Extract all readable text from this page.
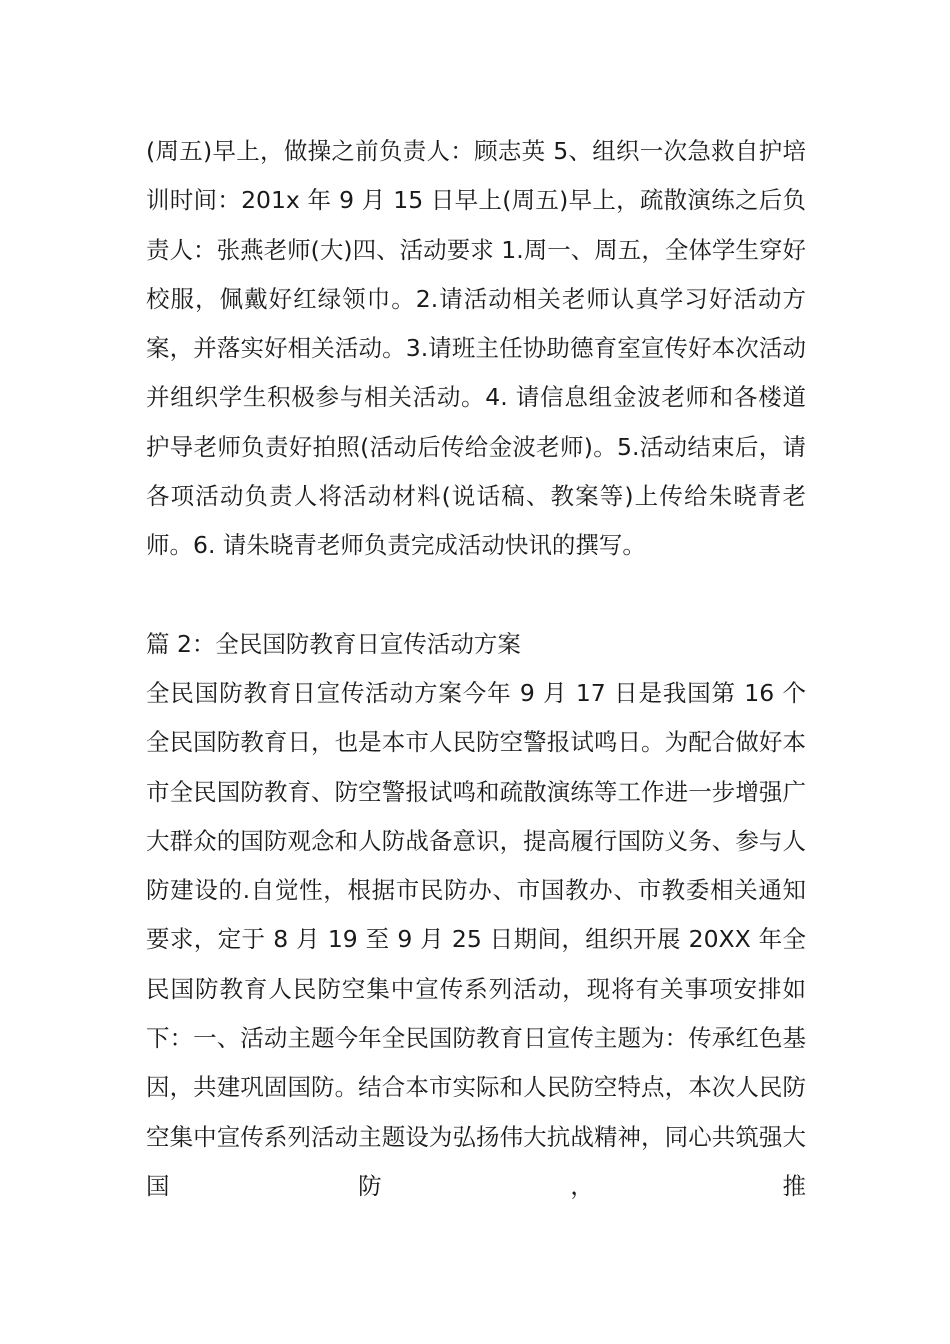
(周五)早上，做操之前负责人：顾志英 5、组织一次急救自护培训时间：201x 年 9 月 15 日早上(周五)早上，疏散演练之后负责人：张燕老师(大)四、活动要求 1.周一、周五，全体学生穿好校服，佩戴好红绿领巾。2.请活动相关老师认真学习好活动方案，并落实好相关活动。3.请班主任协助德育室宣传好本次活动并组织学生积极参与相关活动。4. 请信息组金波老师和各楼道护导老师负责好拍照(活动后传给金波老师)。5.活动结束后，请各项活动负责人将活动材料(说话稿、教案等)上传给朱晓青老师。6. 请朱晓青老师负责完成活动快讯的撰写。

篇 2：全民国防教育日宣传活动方案

全民国防教育日宣传活动方案今年 9 月 17 日是我国第 16 个全民国防教育日，也是本市人民防空警报试鸣日。为配合做好本市全民国防教育、防空警报试鸣和疏散演练等工作进一步增强广大群众的国防观念和人防战备意识，提高履行国防义务、参与人防建设的.自觉性，根据市民防办、市国教办、市教委相关通知要求，定于 8 月 19 至 9 月 25 日期间，组织开展 20XX 年全民国防教育人民防空集中宣传系列活动，现将有关事项安排如下：一、活动主题今年全民国防教育日宣传主题为：传承红色基因，共建巩固国防。结合本市实际和人民防空特点，本次人民防空集中宣传系列活动主题设为弘扬伟大抗战精神，同心共筑强大国防，推
